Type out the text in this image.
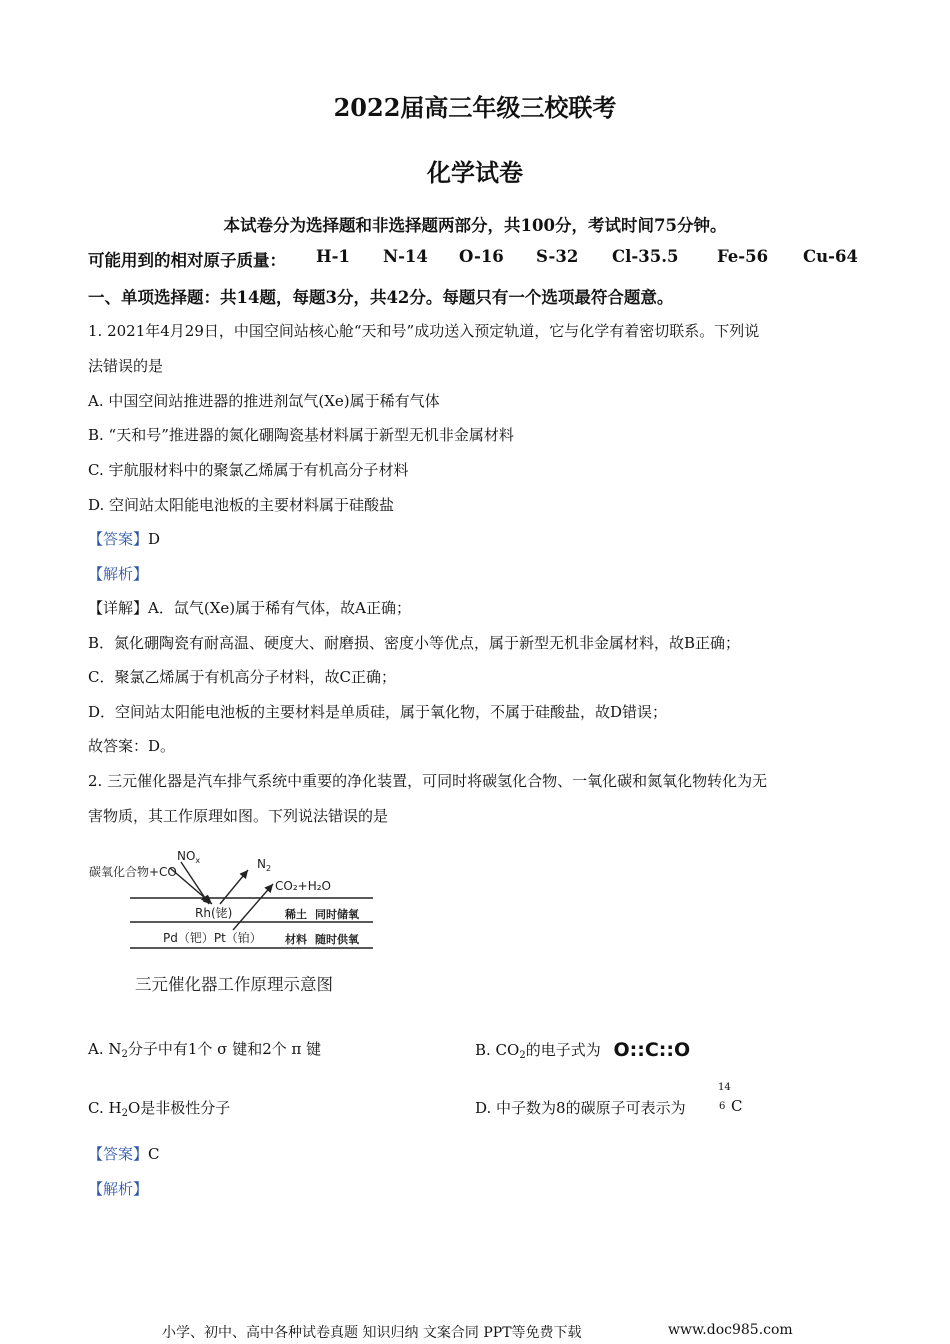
2022届高三年级三校联考
化学试卷
本试卷分为选择题和非选择题两部分，共100分，考试时间75分钟。
可能用到的相对原子质量： H-1 N-14 O-16 S-32 Cl-35.5 Fe-56 Cu-64
一、单项选择题：共14题，每题3分，共42分。每题只有一个选项最符合题意。
1. 2021年4月29日，中国空间站核心舱“天和号”成功送入预定轨道，它与化学有着密切联系。下列说
法错误的是
A. 中国空间站推进器的推进剂氙气(Xe)属于稀有气体
B. “天和号”推进器的氮化硼陶瓷基材料属于新型无机非金属材料
C. 宇航服材料中的聚氯乙烯属于有机高分子材料
D. 空间站太阳能电池板的主要材料属于硅酸盐
【答案】D
【解析】
【详解】A．氙气(Xe)属于稀有气体，故A正确；
B．氮化硼陶瓷有耐高温、硬度大、耐磨损、密度小等优点，属于新型无机非金属材料，故B正确；
C．聚氯乙烯属于有机高分子材料，故C正确；
D．空间站太阳能电池板的主要材料是单质硅，属于氧化物，不属于硅酸盐，故D错误；
故答案：D。
2. 三元催化器是汽车排气系统中重要的净化装置，可同时将碳氢化合物、一氧化碳和氮氧化物转化为无
害物质，其工作原理如图。下列说法错误的是
碳氧化合物+CO
$NO_x$	$N_2$
CO₂+H₂O
Rh(铑)
Pd（钯）Pt（铂）
稀土 同时储氧
材料 随时供氧
三元催化器工作原理示意图
A. $N_2$分子中有1个 σ 键和2个 π 键	B. $CO_2$的电子式为 O::C::O
C. $H_2O$是非极性分子	D. 中子数为8的碳原子可表示为
14
6 C
【答案】C
【解析】
小学、初中、高中各种试卷真题 知识归纳 文案合同 PPT等免费下载	www.doc985.com
